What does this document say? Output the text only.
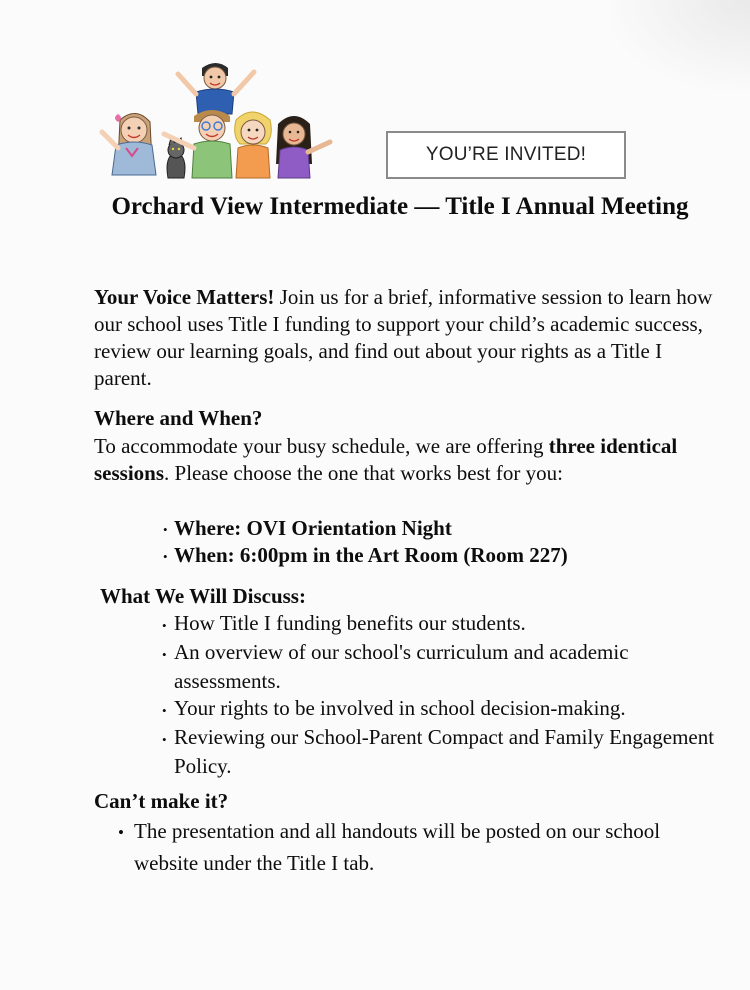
YOU’RE INVITED!
Orchard View Intermediate — Title I Annual Meeting

Your Voice Matters! Join us for a brief, informative session to learn how our school uses Title I funding to support your child’s academic success, review our learning goals, and find out about your rights as a Title I parent.

Where and When?

To accommodate your busy schedule, we are offering three identical sessions. Please choose the one that works best for you:

• Where: OVI Orientation Night
• When: 6:00pm in the Art Room (Room 227)
What We Will Discuss:
• How Title I funding benefits our students.
• An overview of our school's curriculum and academic assessments.
• Your rights to be involved in school decision-making.
• Reviewing our School-Parent Compact and Family Engagement Policy.
Can’t make it?
• The presentation and all handouts will be posted on our school website under the Title I tab.
